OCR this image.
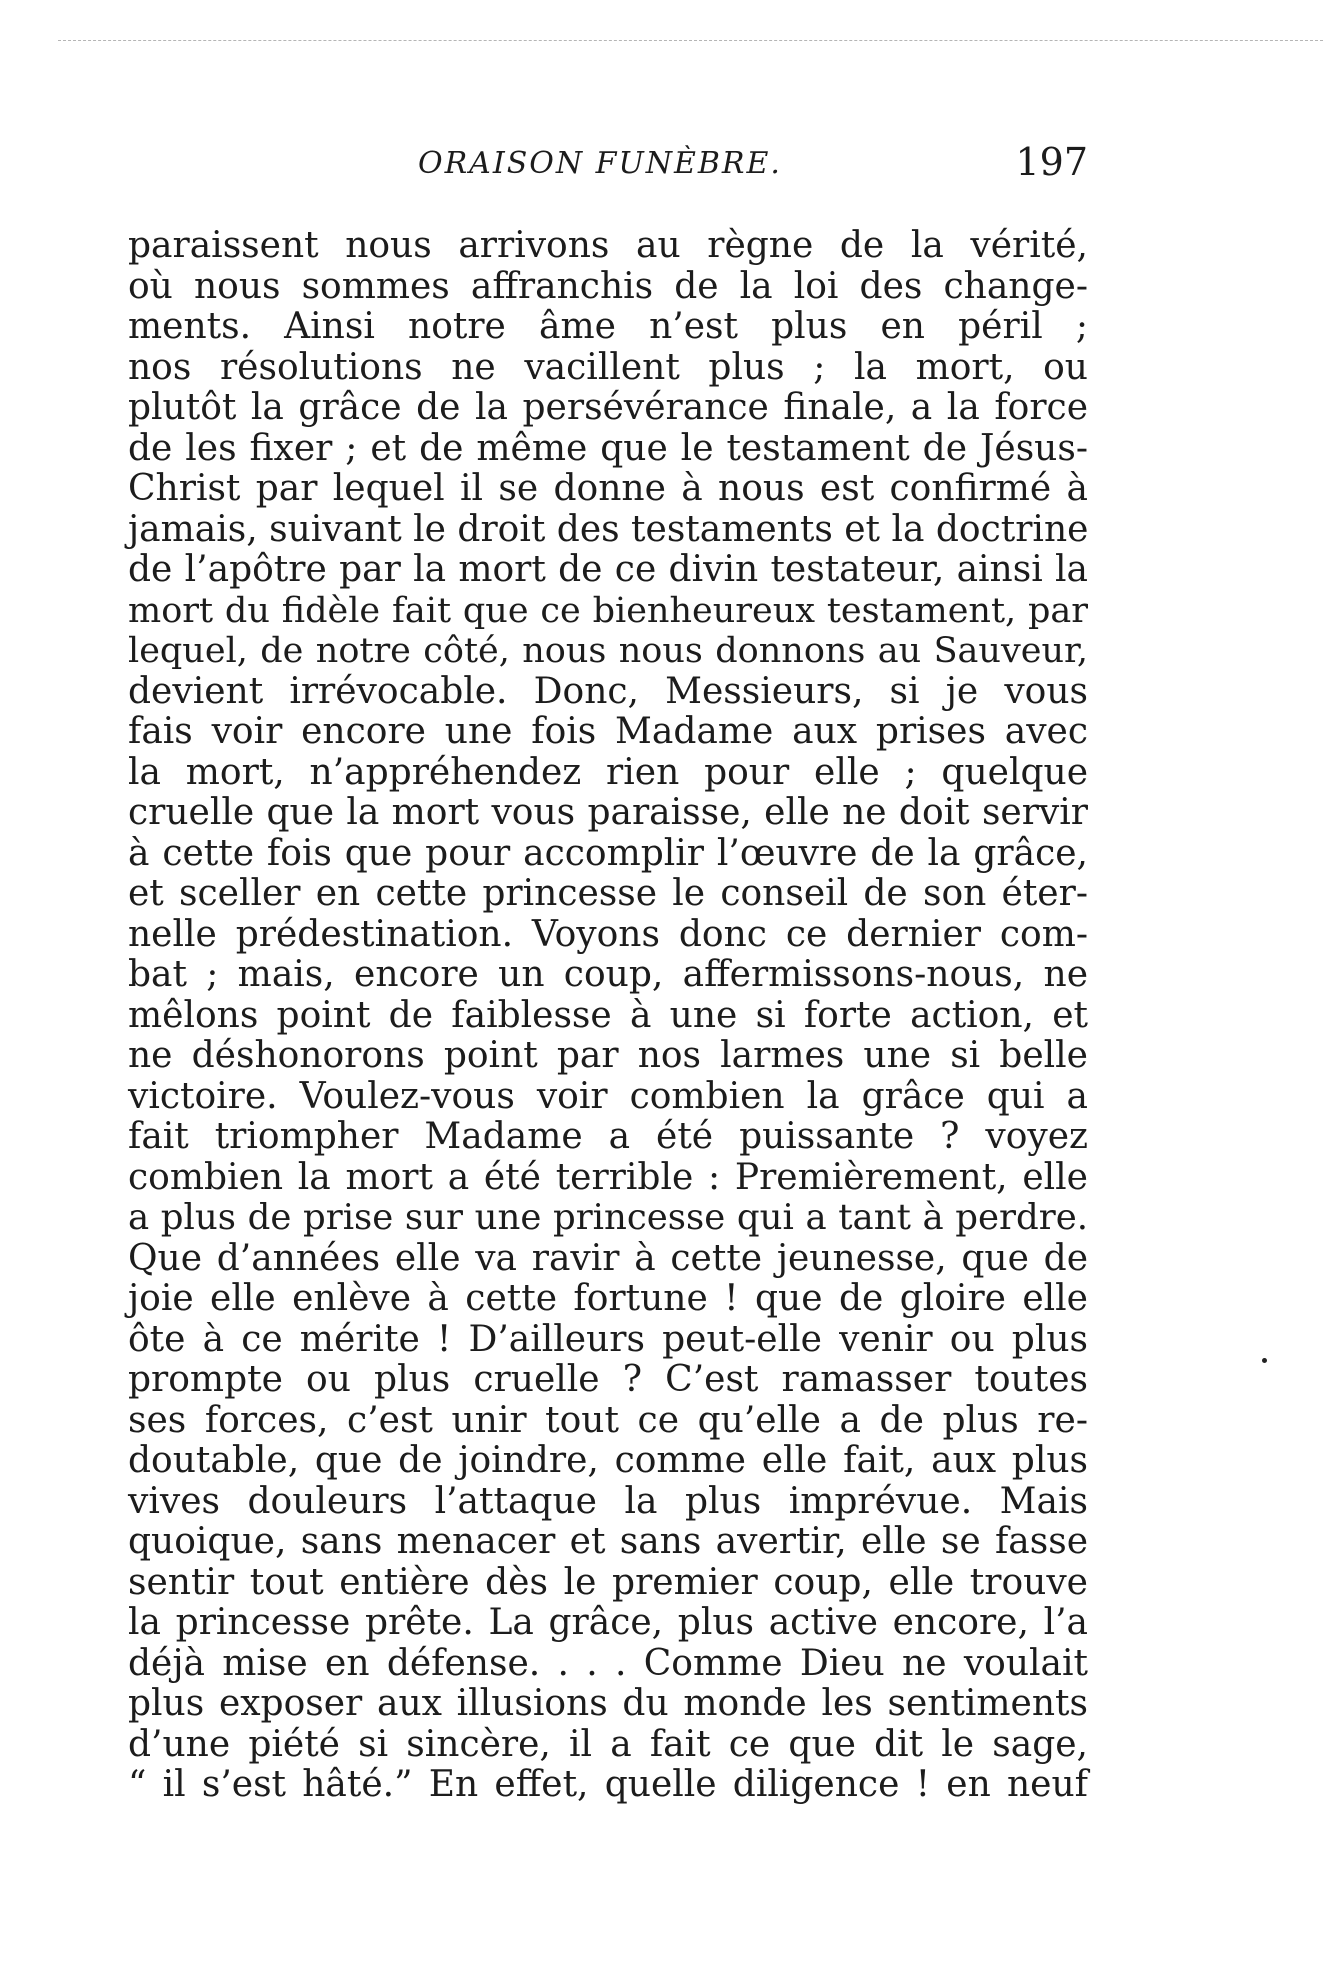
ORAISON FUNÈBRE.	197
paraissent nous arrivons au règne de la vérité,
où nous sommes affranchis de la loi des change-
ments. Ainsi notre âme n’est plus en péril ;
nos résolutions ne vacillent plus ; la mort, ou
plutôt la grâce de la persévérance finale, a la force
de les fixer ; et de même que le testament de Jésus-
Christ par lequel il se donne à nous est confirmé à
jamais, suivant le droit des testaments et la doctrine
de l’apôtre par la mort de ce divin testateur, ainsi la
mort du fidèle fait que ce bienheureux testament, par
lequel, de notre côté, nous nous donnons au Sauveur,
devient irrévocable. Donc, Messieurs, si je vous
fais voir encore une fois Madame aux prises avec
la mort, n’appréhendez rien pour elle ; quelque
cruelle que la mort vous paraisse, elle ne doit servir
à cette fois que pour accomplir l’œuvre de la grâce,
et sceller en cette princesse le conseil de son éter-
nelle prédestination. Voyons donc ce dernier com-
bat ; mais, encore un coup, affermissons-nous, ne
mêlons point de faiblesse à une si forte action, et
ne déshonorons point par nos larmes une si belle
victoire. Voulez-vous voir combien la grâce qui a
fait triompher Madame a été puissante ? voyez
combien la mort a été terrible : Premièrement, elle
a plus de prise sur une princesse qui a tant à perdre.
Que d’années elle va ravir à cette jeunesse, que de
joie elle enlève à cette fortune ! que de gloire elle
ôte à ce mérite ! D’ailleurs peut-elle venir ou plus
prompte ou plus cruelle ? C’est ramasser toutes
ses forces, c’est unir tout ce qu’elle a de plus re-
doutable, que de joindre, comme elle fait, aux plus
vives douleurs l’attaque la plus imprévue. Mais
quoique, sans menacer et sans avertir, elle se fasse
sentir tout entière dès le premier coup, elle trouve
la princesse prête. La grâce, plus active encore, l’a
déjà mise en défense. . . . Comme Dieu ne voulait
plus exposer aux illusions du monde les sentiments
d’une piété si sincère, il a fait ce que dit le sage,
“ il s’est hâté.” En effet, quelle diligence ! en neuf
